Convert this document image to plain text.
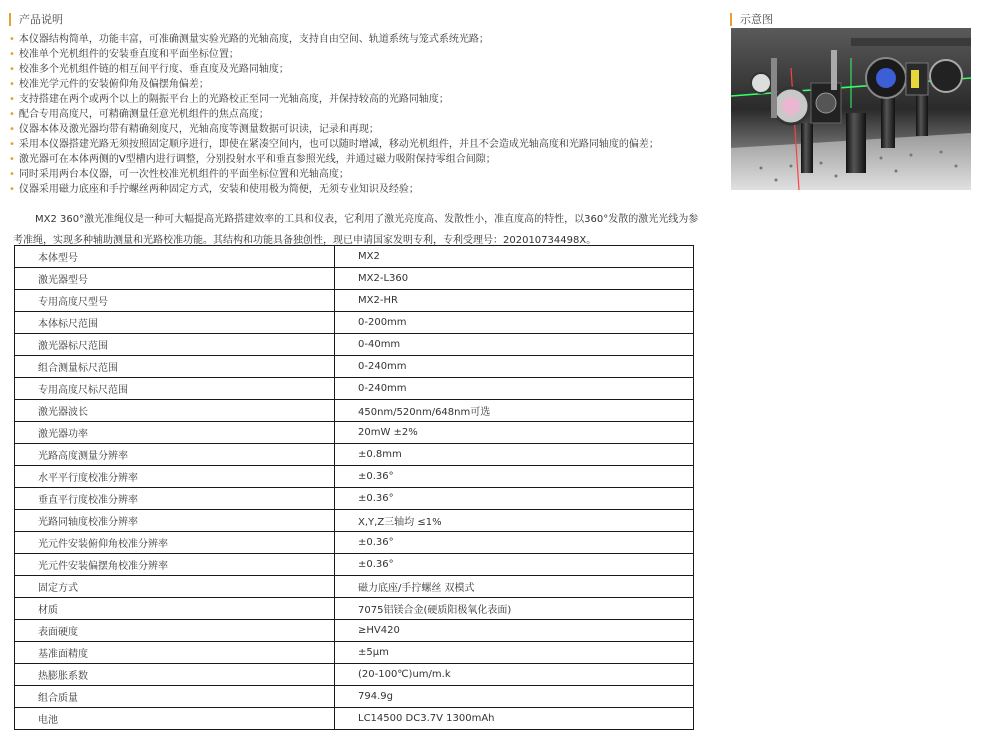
产品说明	示意图
• 本仪器结构简单，功能丰富，可准确测量实验光路的光轴高度，支持自由空间、轨道系统与笼式系统光路；
• 校准单个光机组件的安装垂直度和平面坐标位置；
• 校准多个光机组件链的相互间平行度、垂直度及光路同轴度；
• 校准光学元件的安装俯仰角及偏摆角偏差；
• 支持搭建在两个或两个以上的隔振平台上的光路校正至同一光轴高度，并保持较高的光路同轴度；
• 配合专用高度尺，可精确测量任意光机组件的焦点高度；
• 仪器本体及激光器均带有精确刻度尺，光轴高度等测量数据可识读，记录和再现；
• 采用本仪器搭建光路无须按照固定顺序进行，即使在紧凑空间内，也可以随时增减，移动光机组件，并且不会造成光轴高度和光路同轴度的偏差；
• 激光器可在本体两侧的V型槽内进行调整，分别投射水平和垂直参照光线，并通过磁力吸附保持零组合间隙；
• 同时采用两台本仪器，可一次性校准光机组件的平面坐标位置和光轴高度；
• 仪器采用磁力底座和手拧螺丝两种固定方式，安装和使用极为简便，无须专业知识及经验；
MX2 360°激光准绳仪是一种可大幅提高光路搭建效率的工具和仪表，它利用了激光亮度高、发散性小，准直度高的特性，以360°发散的激光光线为参考准绳，实现多种辅助测量和光路校准功能。其结构和功能具备独创性，现已申请国家发明专利，专利受理号：202010734498X。
本体型号	MX2
激光器型号	MX2-L360
专用高度尺型号	MX2-HR
本体标尺范围	0-200mm
激光器标尺范围	0-40mm
组合测量标尺范围	0-240mm
专用高度尺标尺范围	0-240mm
激光器波长	450nm/520nm/648nm可选
激光器功率	20mW ±2%
光路高度测量分辨率	±0.8mm
水平平行度校准分辨率	±0.36°
垂直平行度校准分辨率	±0.36°
光路同轴度校准分辨率	X,Y,Z三轴均 ≤1%
光元件安装俯仰角校准分辨率	±0.36°
光元件安装偏摆角校准分辨率	±0.36°
固定方式	磁力底座/手拧螺丝 双模式
材质	7075铝镁合金(硬质阳极氧化表面)
表面硬度	≥HV420
基准面精度	±5μm
热膨胀系数	(20-100℃)um/m.k
组合质量	794.9g
电池	LC14500 DC3.7V 1300mAh
